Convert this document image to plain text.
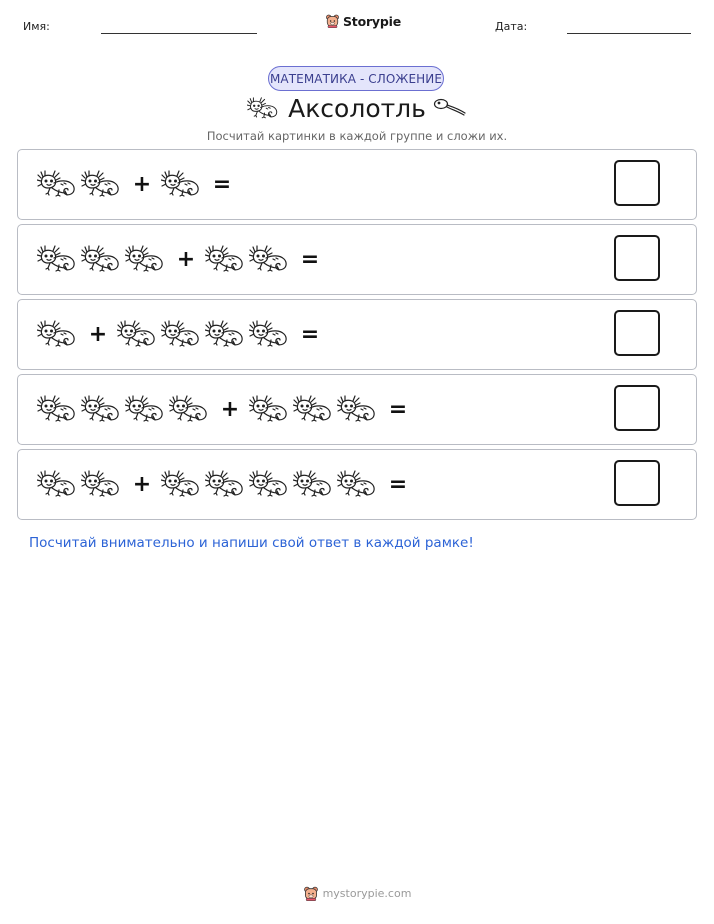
Имя:	Storypie	Дата:
МАТЕМАТИКА - СЛОЖЕНИЕ
Аксолотль
Посчитай картинки в каждой группе и сложи их.
+	=
+	=
+	=
+	=
+	=
Посчитай внимательно и напиши свой ответ в каждой рамке!
mystorypie.com
